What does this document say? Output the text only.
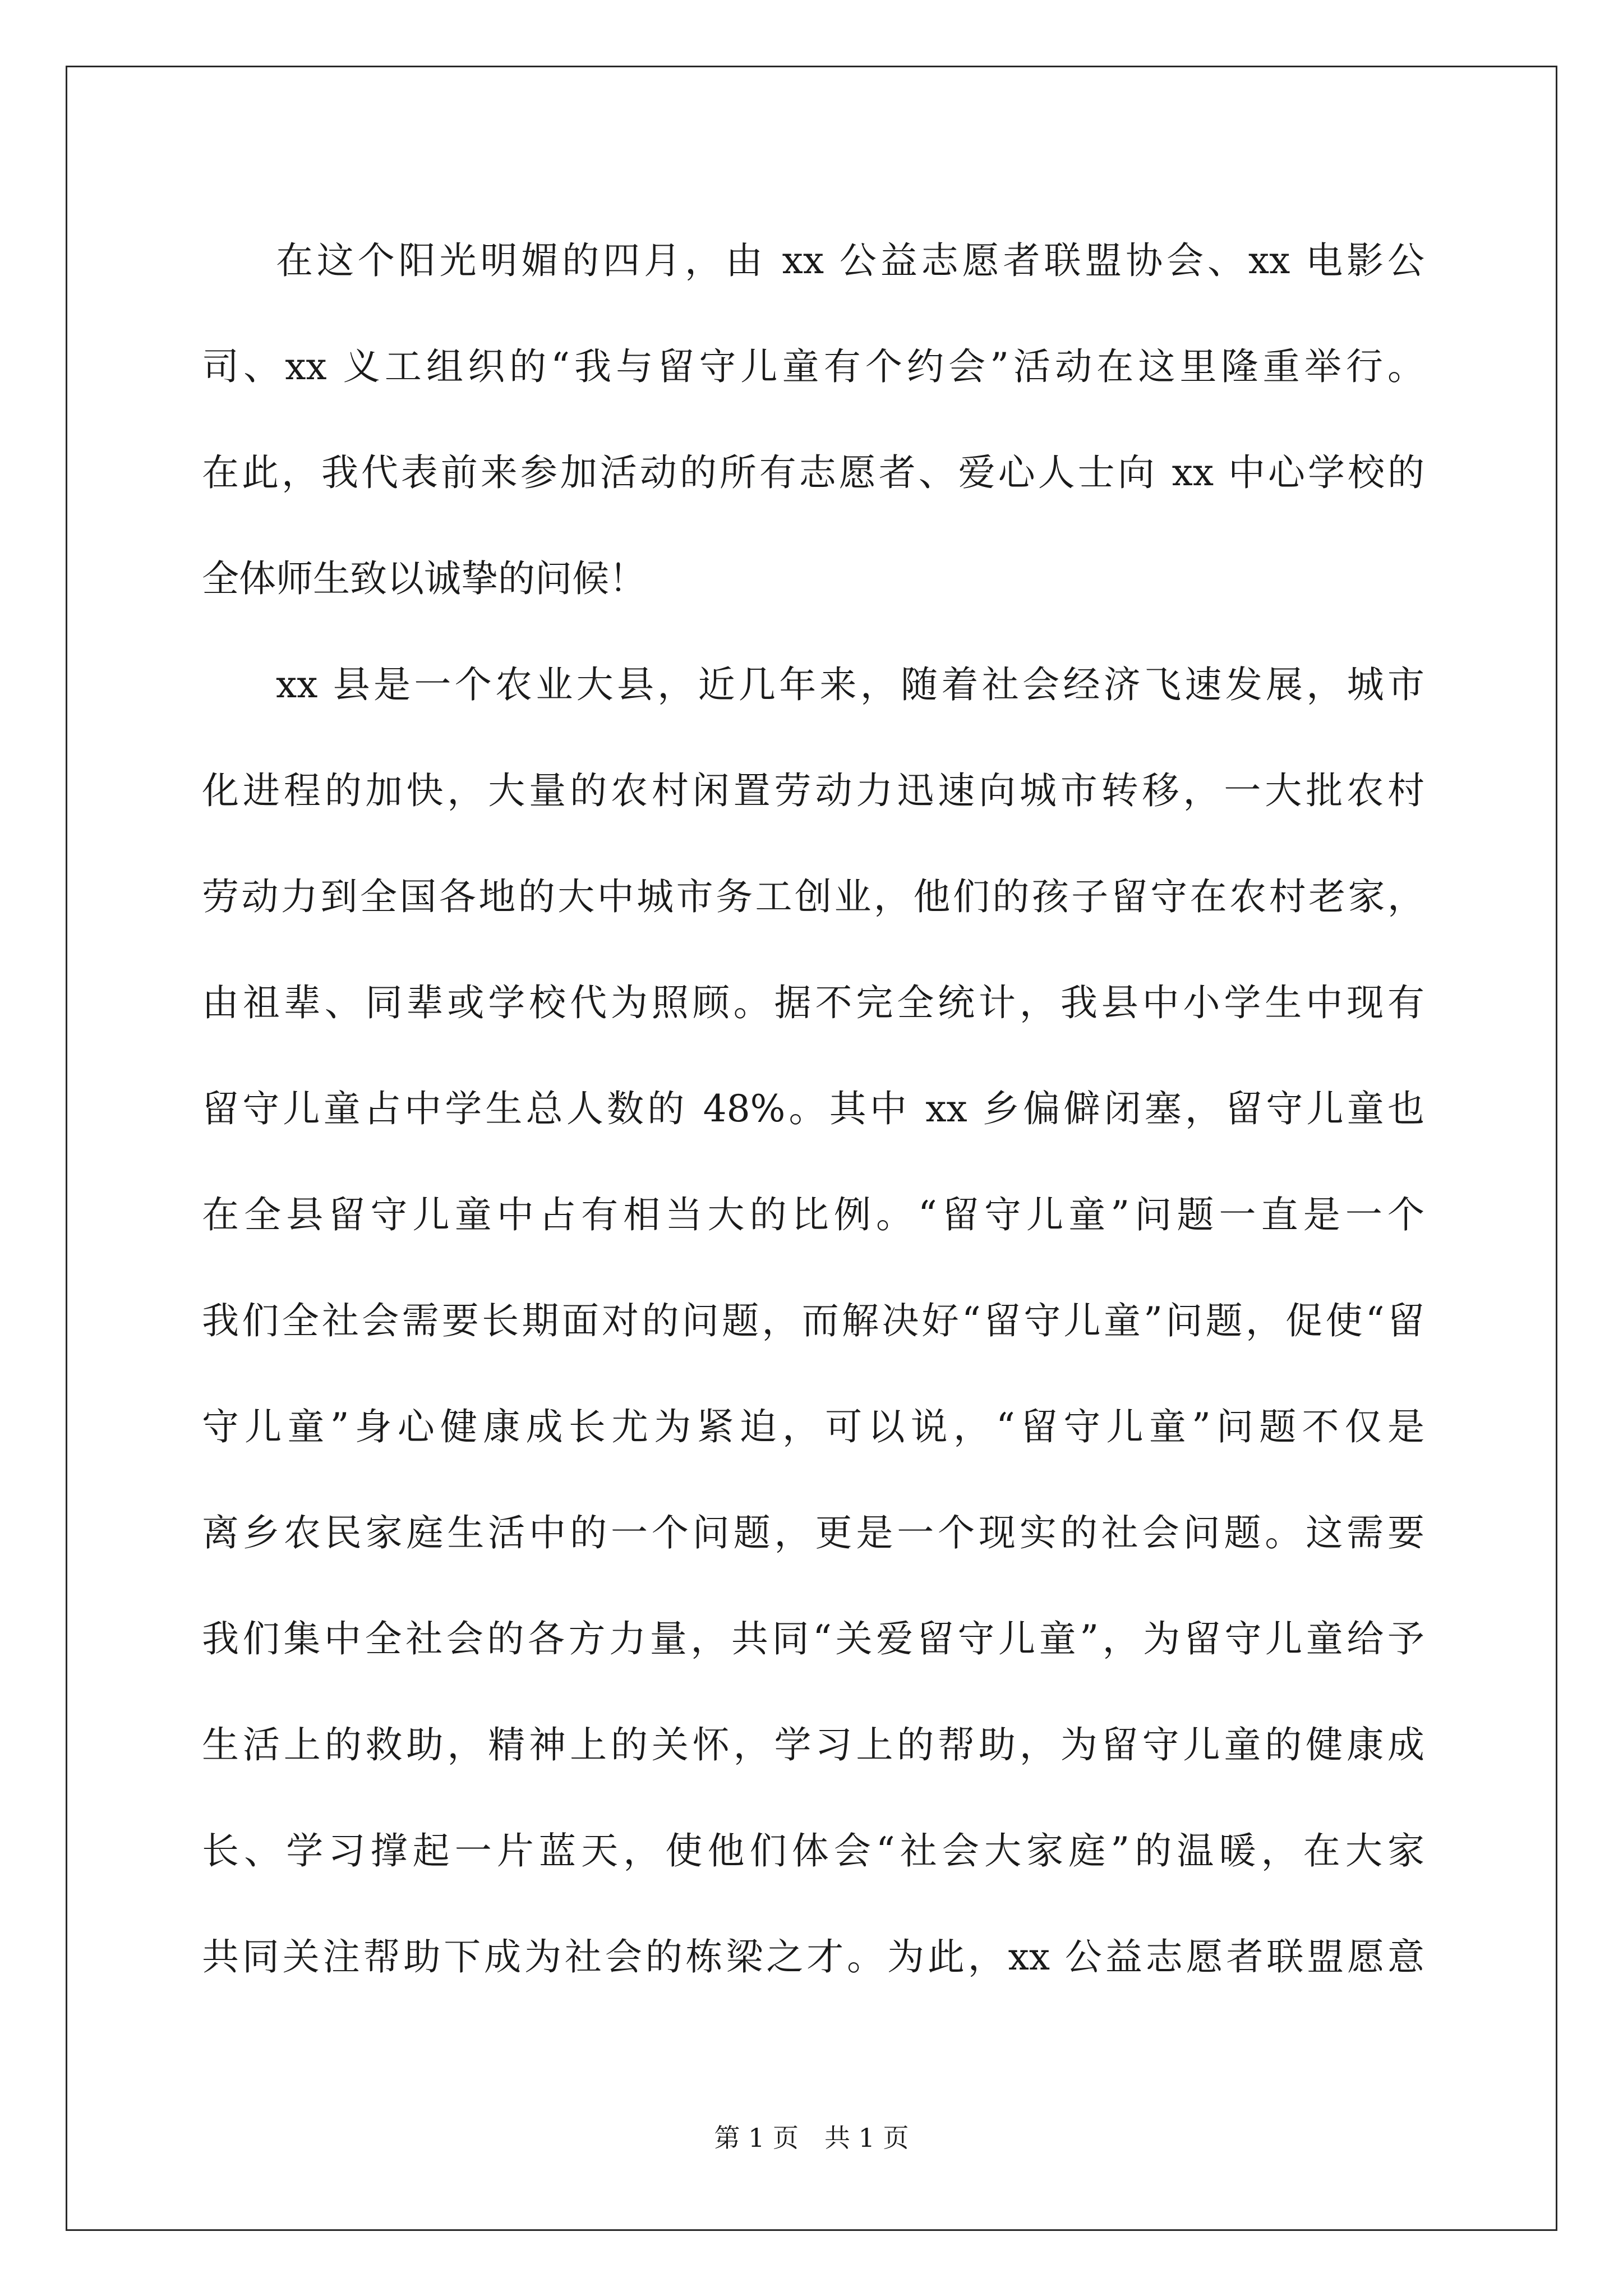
在这个阳光明媚的四月，由 xx 公益志愿者联盟协会、xx 电影公
司、xx 义工组织的“我与留守儿童有个约会”活动在这里隆重举行。
在此，我代表前来参加活动的所有志愿者、爱心人士向 xx 中心学校的
全体师生致以诚挚的问候！
xx 县是一个农业大县，近几年来，随着社会经济飞速发展，城市
化进程的加快，大量的农村闲置劳动力迅速向城市转移，一大批农村
劳动力到全国各地的大中城市务工创业，他们的孩子留守在农村老家，
由祖辈、同辈或学校代为照顾。据不完全统计，我县中小学生中现有
留守儿童占中学生总人数的 48%。其中 xx 乡偏僻闭塞，留守儿童也
在全县留守儿童中占有相当大的比例。“留守儿童”问题一直是一个
我们全社会需要长期面对的问题，而解决好“留守儿童”问题，促使“留
守儿童”身心健康成长尤为紧迫，可以说，“留守儿童”问题不仅是
离乡农民家庭生活中的一个问题，更是一个现实的社会问题。这需要
我们集中全社会的各方力量，共同“关爱留守儿童”，为留守儿童给予
生活上的救助，精神上的关怀，学习上的帮助，为留守儿童的健康成
长、学习撑起一片蓝天，使他们体会“社会大家庭”的温暖，在大家
共同关注帮助下成为社会的栋梁之才。为此，xx 公益志愿者联盟愿意
第 1 页 共 1 页
